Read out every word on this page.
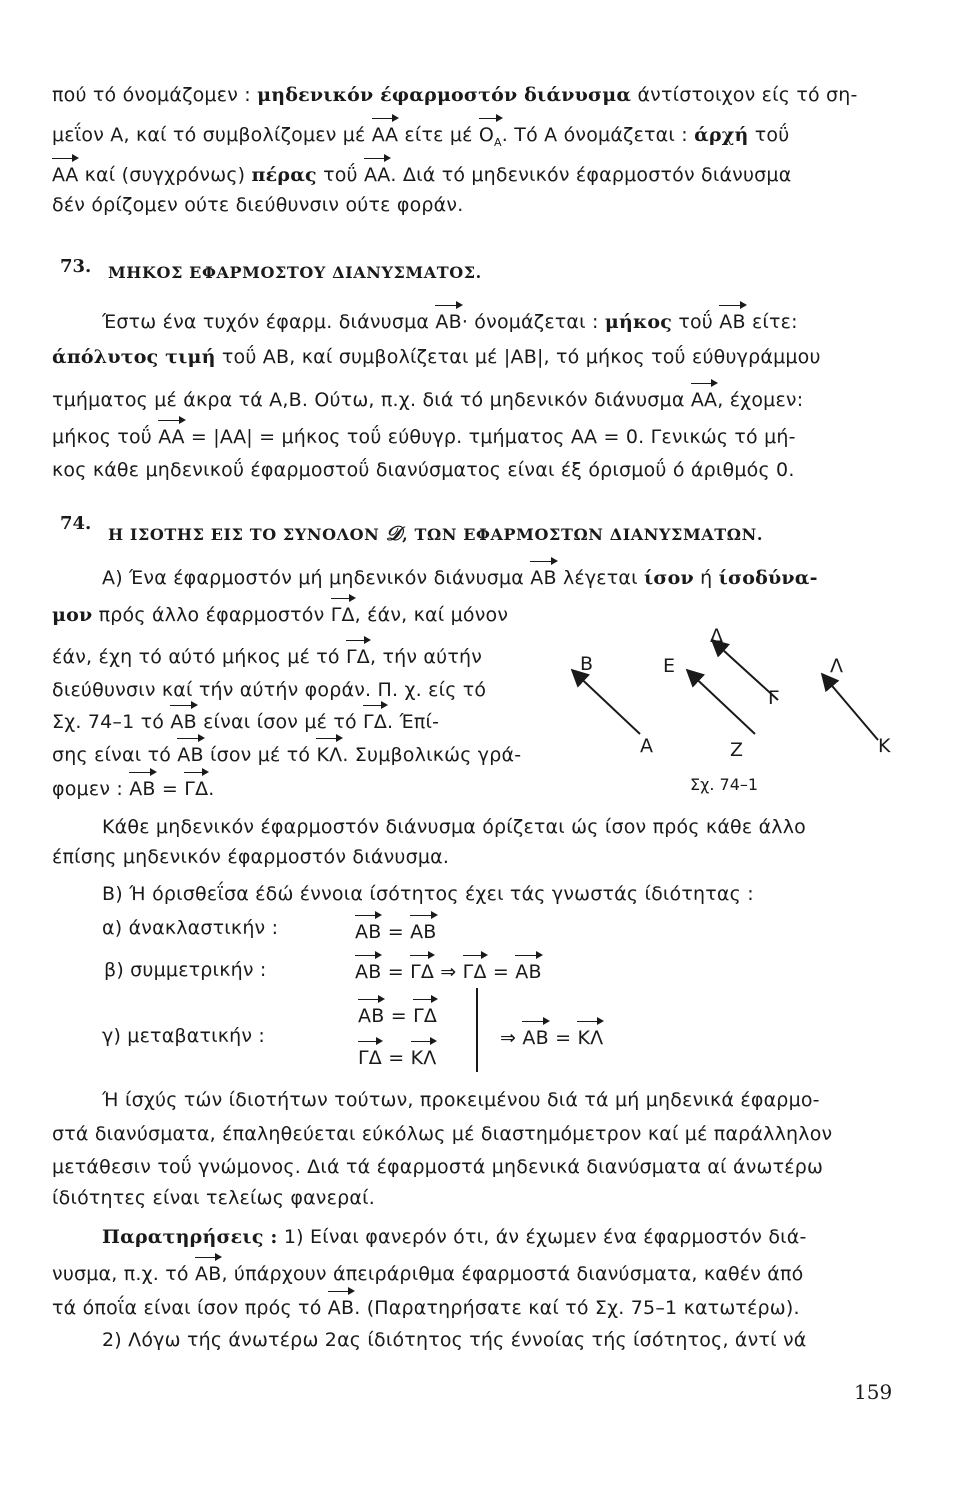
πού τό όνομάζομεν : μηδενικόν έφαρμοστόν διάνυσμα άντίστοιχον είς τό ση-
μεΐον Α, καί τό συμβολίζομεν μέ ΑΑ είτε μέ $O_A$. Τό Α όνομάζεται : άρχή τοΰ
ΑΑ καί (συγχρόνως) πέρας τοΰ ΑΑ. Διά τό μηδενικόν έφαρμοστόν διάνυσμα
δέν όρίζομεν ούτε διεύθυνσιν ούτε φοράν.
73. ΜΗΚΟΣ ΕΦΑΡΜΟΣΤΟΥ ΔΙΑΝΥΣΜΑΤΟΣ.
Έστω ένα τυχόν έφαρμ. διάνυσμα ΑΒ· όνομάζεται : μήκος τοΰ ΑΒ είτε:
άπόλυτος τιμή τοΰ ΑΒ, καί συμβολίζεται μέ |ΑΒ|, τό μήκος τοΰ εύθυγράμμου
τμήματος μέ άκρα τά Α,Β. Ούτω, π.χ. διά τό μηδενικόν διάνυσμα ΑΑ, έχομεν:
μήκος τοΰ ΑΑ = |ΑΑ| = μήκος τοΰ εύθυγρ. τμήματος ΑΑ = 0. Γενικώς τό μή-
κος κάθε μηδενικοΰ έφαρμοστοΰ διανύσματος είναι έξ όρισμοΰ ό άριθμός 0.
74.
Η ΙΣΟΤΗΣ ΕΙΣ ΤΟ ΣΥΝΟΛΟΝ 𝒟, ΤΩΝ ΕΦΑΡΜΟΣΤΩΝ ΔΙΑΝΥΣΜΑΤΩΝ.
Α) Ένα έφαρμοστόν μή μηδενικόν διάνυσμα ΑΒ λέγεται ίσον ή ίσοδύνα-
μον πρός άλλο έφαρμοστόν ΓΔ, έάν, καί μόνον
έάν, έχη τό αύτό μήκος μέ τό ΓΔ, τήν αύτήν
διεύθυνσιν καί τήν αύτήν φοράν. Π. χ. είς τό
Σχ. 74–1 τό ΑΒ είναι ίσον μέ τό ΓΔ. Έπί-
σης είναι τό ΑΒ ίσον μέ τό ΚΛ. Συμβολικώς γρά-
φομεν : ΑΒ = ΓΔ.
Α
Β	Ε
Ζ
Δ
Γ
Λ
Κ
Σχ. 74–1
Κάθε μηδενικόν έφαρμοστόν διάνυσμα όρίζεται ώς ίσον πρός κάθε άλλο
έπίσης μηδενικόν έφαρμοστόν διάνυσμα.
Β) Ή όρισθεΐσα έδώ έννοια ίσότητος έχει τάς γνωστάς ίδιότητας :
α) άνακλαστικήν :	ΑΒ = ΑΒ
β) συμμετρικήν :	ΑΒ = ΓΔ ⇒ ΓΔ = ΑΒ
γ) μεταβατικήν :
ΑΒ = ΓΔ
ΓΔ = ΚΛ
⇒ ΑΒ = ΚΛ
Ή ίσχύς τών ίδιοτήτων τούτων, προκειμένου διά τά μή μηδενικά έφαρμο-
στά διανύσματα, έπαληθεύεται εύκόλως μέ διαστημόμετρον καί μέ παράλληλον
μετάθεσιν τοΰ γνώμονος. Διά τά έφαρμοστά μηδενικά διανύσματα αί άνωτέρω
ίδιότητες είναι τελείως φανεραί.
Παρατηρήσεις : 1) Είναι φανερόν ότι, άν έχωμεν ένα έφαρμοστόν διά-
νυσμα, π.χ. τό ΑΒ, ύπάρχουν άπειράριθμα έφαρμοστά διανύσματα, καθέν άπό
τά όποΐα είναι ίσον πρός τό ΑΒ. (Παρατηρήσατε καί τό Σχ. 75–1 κατωτέρω).
2) Λόγω τής άνωτέρω 2ας ίδιότητος τής έννοίας τής ίσότητος, άντί νά
159
